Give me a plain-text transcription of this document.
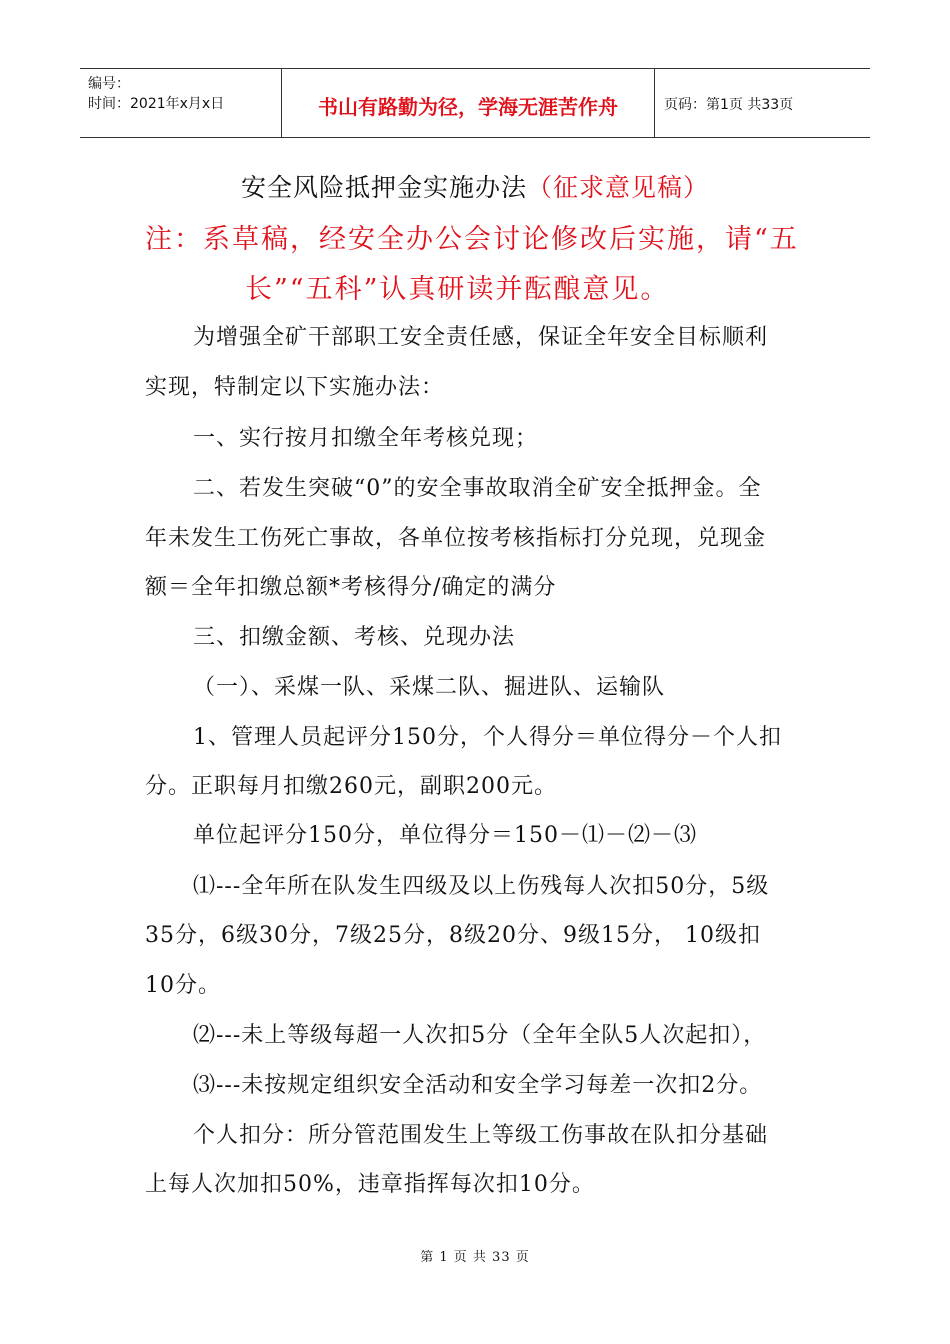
编号：
时间：2021年x月x日	书山有路勤为径，学海无涯苦作舟	页码：第1页 共33页
安全风险抵押金实施办法（征求意见稿）
注：系草稿，经安全办公会讨论修改后实施，请“五
长”“五科”认真研读并酝酿意见。
为增强全矿干部职工安全责任感，保证全年安全目标顺利
实现，特制定以下实施办法：
一、实行按月扣缴全年考核兑现；
二、若发生突破“0”的安全事故取消全矿安全抵押金。全
年未发生工伤死亡事故，各单位按考核指标打分兑现，兑现金
额＝全年扣缴总额*考核得分/确定的满分
三、扣缴金额、考核、兑现办法
（一）、采煤一队、采煤二队、掘进队、运输队
1、管理人员起评分150分，个人得分＝单位得分－个人扣
分。正职每月扣缴260元，副职200元。
单位起评分150分，单位得分＝150－⑴－⑵－⑶
⑴---全年所在队发生四级及以上伤残每人次扣50分，5级
35分，6级30分，7级25分，8级20分、9级15分， 10级扣
10分。
⑵---未上等级每超一人次扣5分（全年全队5人次起扣），
⑶---未按规定组织安全活动和安全学习每差一次扣2分。
个人扣分：所分管范围发生上等级工伤事故在队扣分基础
上每人次加扣50%，违章指挥每次扣10分。
第 1 页 共 33 页
